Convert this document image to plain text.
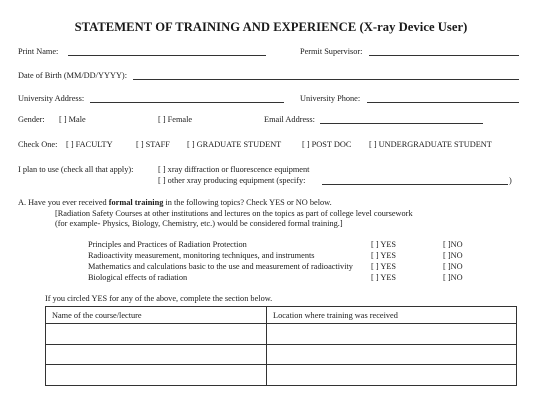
STATEMENT OF TRAINING AND EXPERIENCE (X-ray Device User)
Print Name:	Permit Supervisor:
Date of Birth (MM/DD/YYYY):
University Address:	University Phone:
Gender: [ ] Male	[ ] Female	Email Address:
Check One: [ ] FACULTY	[ ] STAFF [ ] GRADUATE STUDENT [ ] POST DOC [ ] UNDERGRADUATE STUDENT
I plan to use (check all that apply):	[ ] xray diffraction or fluorescence equipment
[ ] other xray producing equipment (specify:	)
A. Have you ever received formal training in the following topics? Check YES or NO below.
[Radiation Safety Courses at other institutions and lectures on the topics as part of college level coursework
(for example- Physics, Biology, Chemistry, etc.) would be considered formal training.]
Principles and Practices of Radiation Protection	[ ] YES	[ ]NO
Radioactivity measurement, monitoring techniques, and instruments	[ ] YES	[ ]NO
Mathematics and calculations basic to the use and measurement of radioactivity [ ] YES	[ ]NO
Biological effects of radiation	[ ] YES	[ ]NO
If you circled YES for any of the above, complete the section below.
Name of the course/lecture	Location where training was received
